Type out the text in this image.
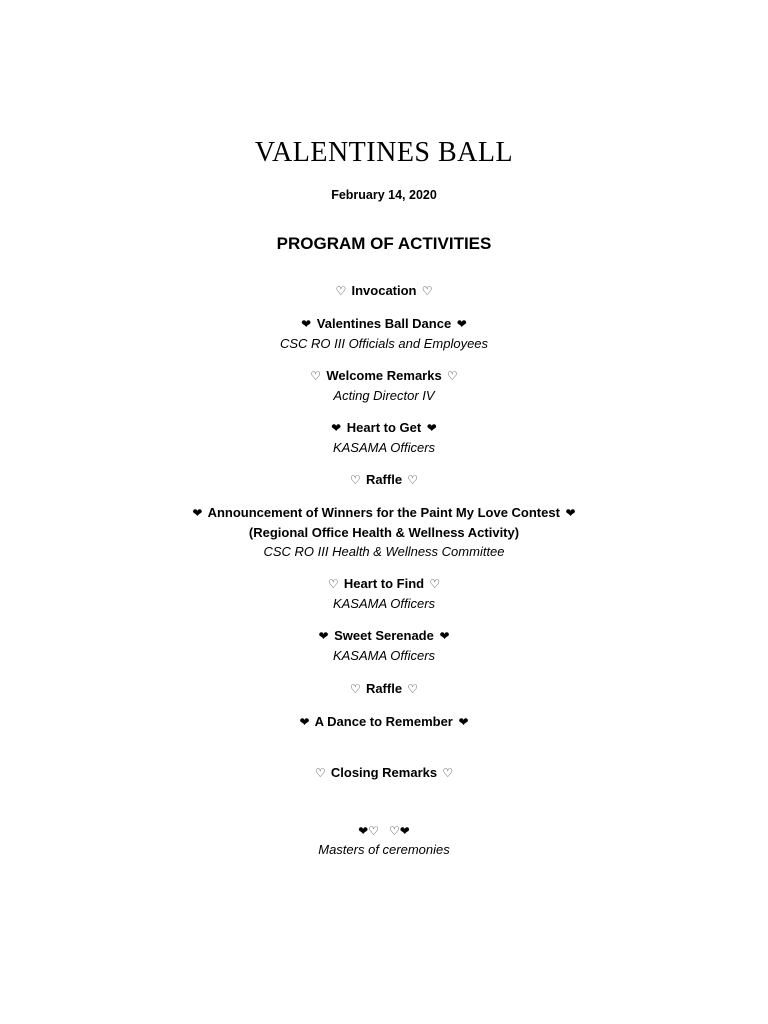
VALENTINES BALL
February 14, 2020
PROGRAM OF ACTIVITIES
♡ Invocation ♡
❤ Valentines Ball Dance ❤
CSC RO III Officials and Employees
♡ Welcome Remarks ♡
Acting Director IV
❤ Heart to Get ❤
KASAMA Officers
♡ Raffle ♡
❤ Announcement of Winners for the Paint My Love Contest ❤
(Regional Office Health & Wellness Activity)
CSC RO III Health & Wellness Committee
♡ Heart to Find ♡
KASAMA Officers
❤ Sweet Serenade ❤
KASAMA Officers
♡ Raffle ♡
❤ A Dance to Remember ❤
♡ Closing Remarks ♡
❤♡   ♡❤
Masters of ceremonies
